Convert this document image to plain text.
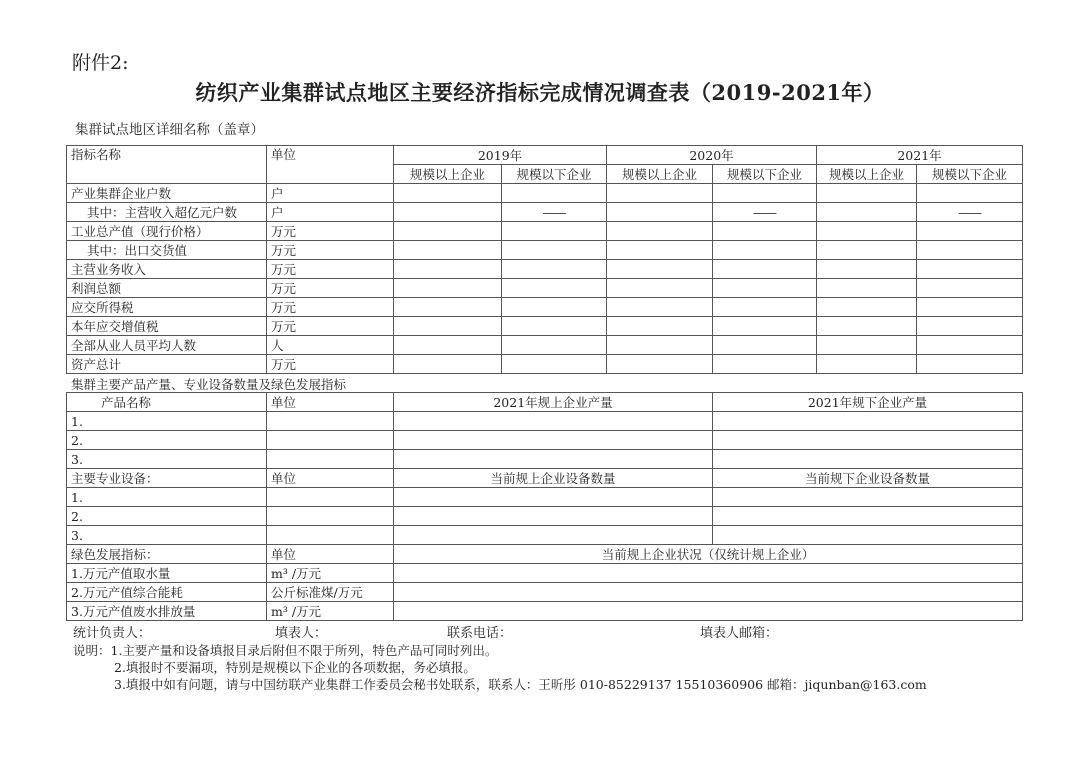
附件2:
纺织产业集群试点地区主要经济指标完成情况调查表（2019-2021年）
集群试点地区详细名称（盖章）
指标名称	单位	2019年		2020年		2021年	
		规模以上企业	规模以下企业	规模以上企业	规模以下企业	规模以上企业	规模以下企业
产业集群企业户数	户						
其中：主营收入超亿元户数	户		——		——		——
工业总产值（现行价格）	万元						
其中：出口交货值	万元						
主营业务收入	万元						
利润总额	万元						
应交所得税	万元						
本年应交增值税	万元						
全部从业人员平均人数	人						
资产总计	万元						
集群主要产品产量、专业设备数量及绿色发展指标
产品名称	单位	2021年规上企业产量	2021年规下企业产量
1.			
2.			
3.			
主要专业设备：	单位	当前规上企业设备数量	当前规下企业设备数量
1.			
2.			
3.			
绿色发展指标：	单位	当前规上企业状况（仅统计规上企业）	
1.万元产值取水量	m³ /万元		
2.万元产值综合能耗	公斤标准煤/万元		
3.万元产值废水排放量	m³ /万元		
统计负责人：	填表人：	联系电话：	填表人邮箱：
说明：1.主要产量和设备填报目录后附但不限于所列，特色产品可同时列出。
2.填报时不要漏项，特别是规模以下企业的各项数据，务必填报。
3.填报中如有问题，请与中国纺联产业集群工作委员会秘书处联系，联系人：王昕彤 010-85229137 15510360906 邮箱：jiqunban@163.com
